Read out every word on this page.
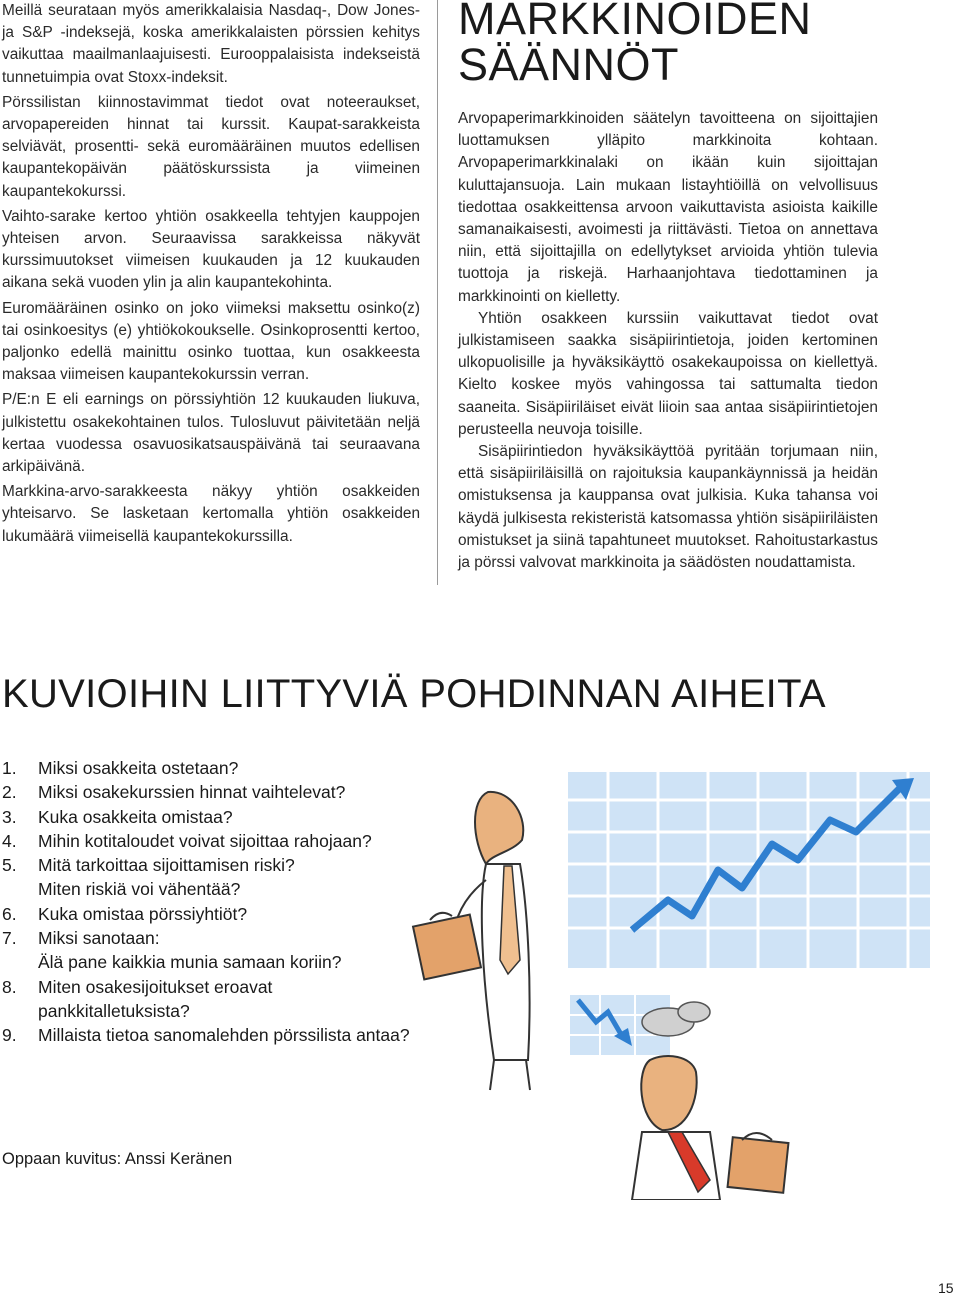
Meillä seurataan myös amerikkalaisia Nasdaq-, Dow Jones- ja S&P -indeksejä, koska amerikkalaisten pörssien kehitys vaikuttaa maailmanlaajuisesti. Eurooppalaisista indekseistä tunnetuimpia ovat Stoxx-indeksit.

Pörssilistan kiinnostavimmat tiedot ovat noteeraukset, arvopapereiden hinnat tai kurssit. Kaupat-sarakkeista selviävät, prosentti- sekä euromääräinen muutos edellisen kaupantekopäivän päätöskurssista ja viimeinen kaupantekokurssi.

Vaihto-sarake kertoo yhtiön osakkeella tehtyjen kauppojen yhteisen arvon. Seuraavissa sarakkeissa näkyvät kurssimuutokset viimeisen kuukauden ja 12 kuukauden aikana sekä vuoden ylin ja alin kaupantekohinta.

Euromääräinen osinko on joko viimeksi maksettu osinko(z) tai osinkoesitys (e) yhtiökokoukselle. Osinkoprosentti kertoo, paljonko edellä mainittu osinko tuottaa, kun osakkeesta maksaa viimeisen kaupantekokurssin verran.

P/E:n E eli earnings on pörssiyhtiön 12 kuukauden liukuva, julkistettu osakekohtainen tulos. Tulosluvut päivitetään neljä kertaa vuodessa osavuosikatsauspäivänä tai seuraavana arkipäivänä.

Markkina-arvo-sarakkeesta näkyy yhtiön osakkeiden yhteisarvo. Se lasketaan kertomalla yhtiön osakkeiden lukumäärä viimeisellä kaupantekokurssilla.

MARKKINOIDEN
SÄÄNNÖT

Arvopaperimarkkinoiden säätelyn tavoitteena on sijoittajien luottamuksen ylläpito markkinoita kohtaan. Arvopaperimarkkinalaki on ikään kuin sijoittajan kuluttajansuoja. Lain mukaan listayhtiöillä on velvollisuus tiedottaa osakkeittensa arvoon vaikuttavista asioista kaikille samanaikaisesti, avoimesti ja riittävästi. Tietoa on annettava niin, että sijoittajilla on edellytykset arvioida yhtiön tulevia tuottoja ja riskejä. Harhaanjohtava tiedottaminen ja markkinointi on kielletty.

Yhtiön osakkeen kurssiin vaikuttavat tiedot ovat julkistamiseen saakka sisäpiirintietoja, joiden kertominen ulkopuolisille ja hyväksikäyttö osakekaupoissa on kiellettyä. Kielto koskee myös vahingossa tai sattumalta tiedon saaneita. Sisäpiiriläiset eivät liioin saa antaa sisäpiirintietojen perusteella neuvoja toisille.

Sisäpiirintiedon hyväksikäyttöä pyritään torjumaan niin, että sisäpiiriläisillä on rajoituksia kaupankäynnissä ja heidän omistuksensa ja kauppansa ovat julkisia. Kuka tahansa voi käydä julkisesta rekisteristä katsomassa yhtiön sisäpiiriläisten omistukset ja siinä tapahtuneet muutokset. Rahoitustarkastus ja pörssi valvovat markkinoita ja säädösten noudattamista.

KUVIOIHIN LIITTYVIÄ POHDINNAN AIHEITA
1.	Miksi osakkeita ostetaan?
2.	Miksi osakekurssien hinnat vaihtelevat?
3.	Kuka osakkeita omistaa?
4.	Mihin kotitaloudet voivat sijoittaa rahojaan?
5.	Mitä tarkoittaa sijoittamisen riski?
Miten riskiä voi vähentää?
6.	Kuka omistaa pörssiyhtiöt?
7.	Miksi sanotaan:
Älä pane kaikkia munia samaan koriin?
8.	Miten osakesijoitukset eroavat
pankkitalletuksista?
9.	Millaista tietoa sanomalehden pörssilista antaa?
Oppaan kuvitus: Anssi Keränen
15
